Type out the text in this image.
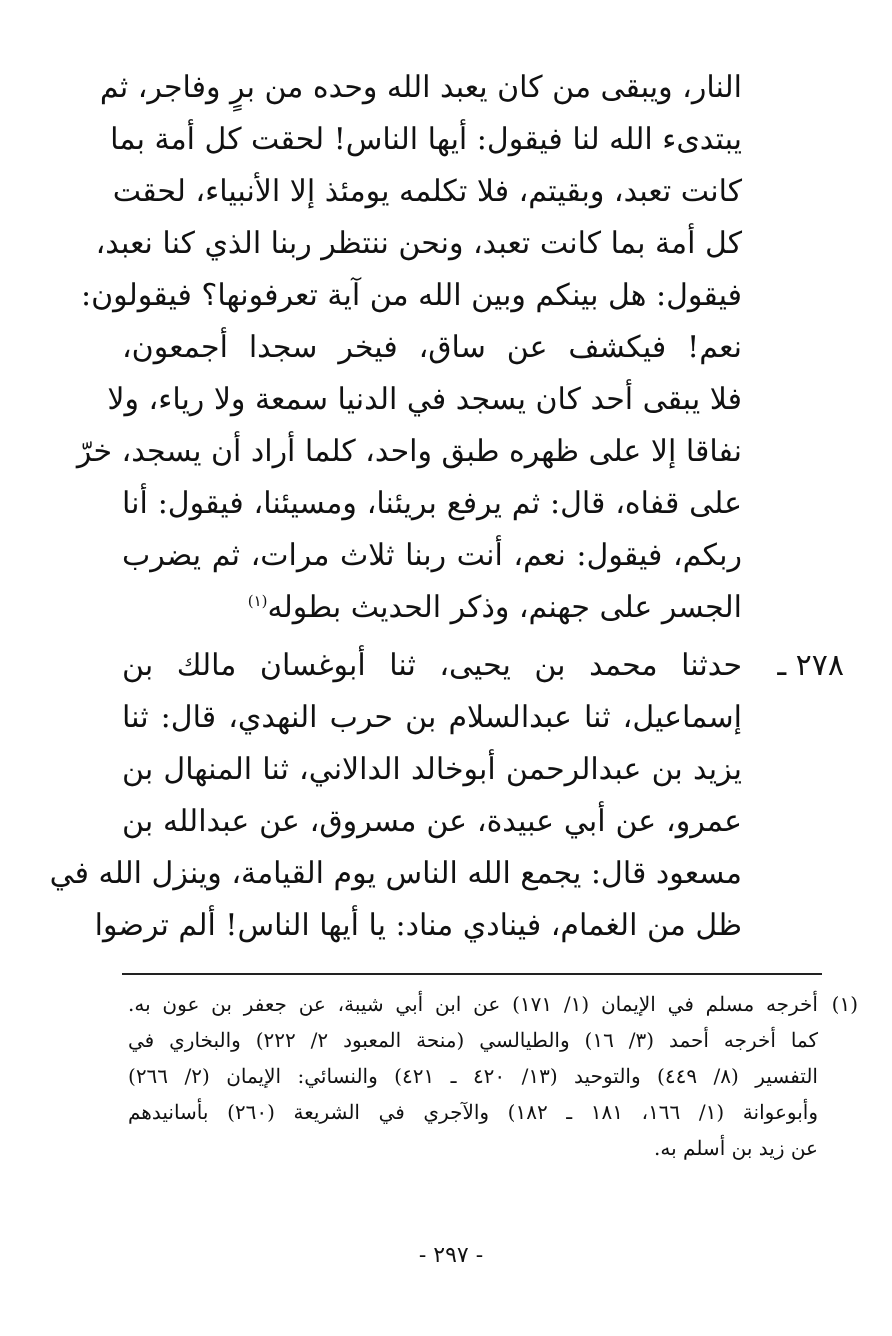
النار، ويبقى من كان يعبد الله وحده من برٍ وفاجر، ثم
يبتدىء الله لنا فيقول: أيها الناس! لحقت كل أمة بما
كانت تعبد، وبقيتم، فلا تكلمه يومئذ إلا الأنبياء، لحقت
كل أمة بما كانت تعبد، ونحن ننتظر ربنا الذي كنا نعبد،
فيقول: هل بينكم وبين الله من آية تعرفونها؟ فيقولون:
نعم! فيكشف عن ساق، فيخر سجدا أجمعون،
فلا يبقى أحد كان يسجد في الدنيا سمعة ولا رياء، ولا
نفاقا إلا على ظهره طبق واحد، كلما أراد أن يسجد، خرّ
على قفاه، قال: ثم يرفع بريئنا، ومسيئنا، فيقول: أنا
ربكم، فيقول: نعم، أنت ربنا ثلاث مرات، ثم يضرب
الجسر على جهنم، وذكر الحديث بطوله$^{(١)}$
٢٧٨ ـ
حدثنا محمد بن يحيى، ثنا أبوغسان مالك بن
إسماعيل، ثنا عبدالسلام بن حرب النهدي، قال: ثنا
يزيد بن عبدالرحمن أبوخالد الدالاني، ثنا المنهال بن
عمرو، عن أبي عبيدة، عن مسروق، عن عبدالله بن
مسعود قال: يجمع الله الناس يوم القيامة، وينزل الله في
ظل من الغمام، فينادي مناد: يا أيها الناس! ألم ترضوا
(١)
أخرجه مسلم في الإيمان (١/ ١٧١) عن ابن أبي شيبة، عن جعفر بن عون به.
كما أخرجه أحمد (٣/ ١٦) والطيالسي (منحة المعبود ٢/ ٢٢٢) والبخاري في
التفسير (٨/ ٤٤٩) والتوحيد (١٣/ ٤٢٠ ـ ٤٢١) والنسائي: الإيمان (٢/ ٢٦٦)
وأبوعوانة (١/ ١٦٦، ١٨١ ـ ١٨٢) والآجري في الشريعة (٢٦٠) بأسانيدهم
عن زيد بن أسلم به.
- ٢٩٧ -
